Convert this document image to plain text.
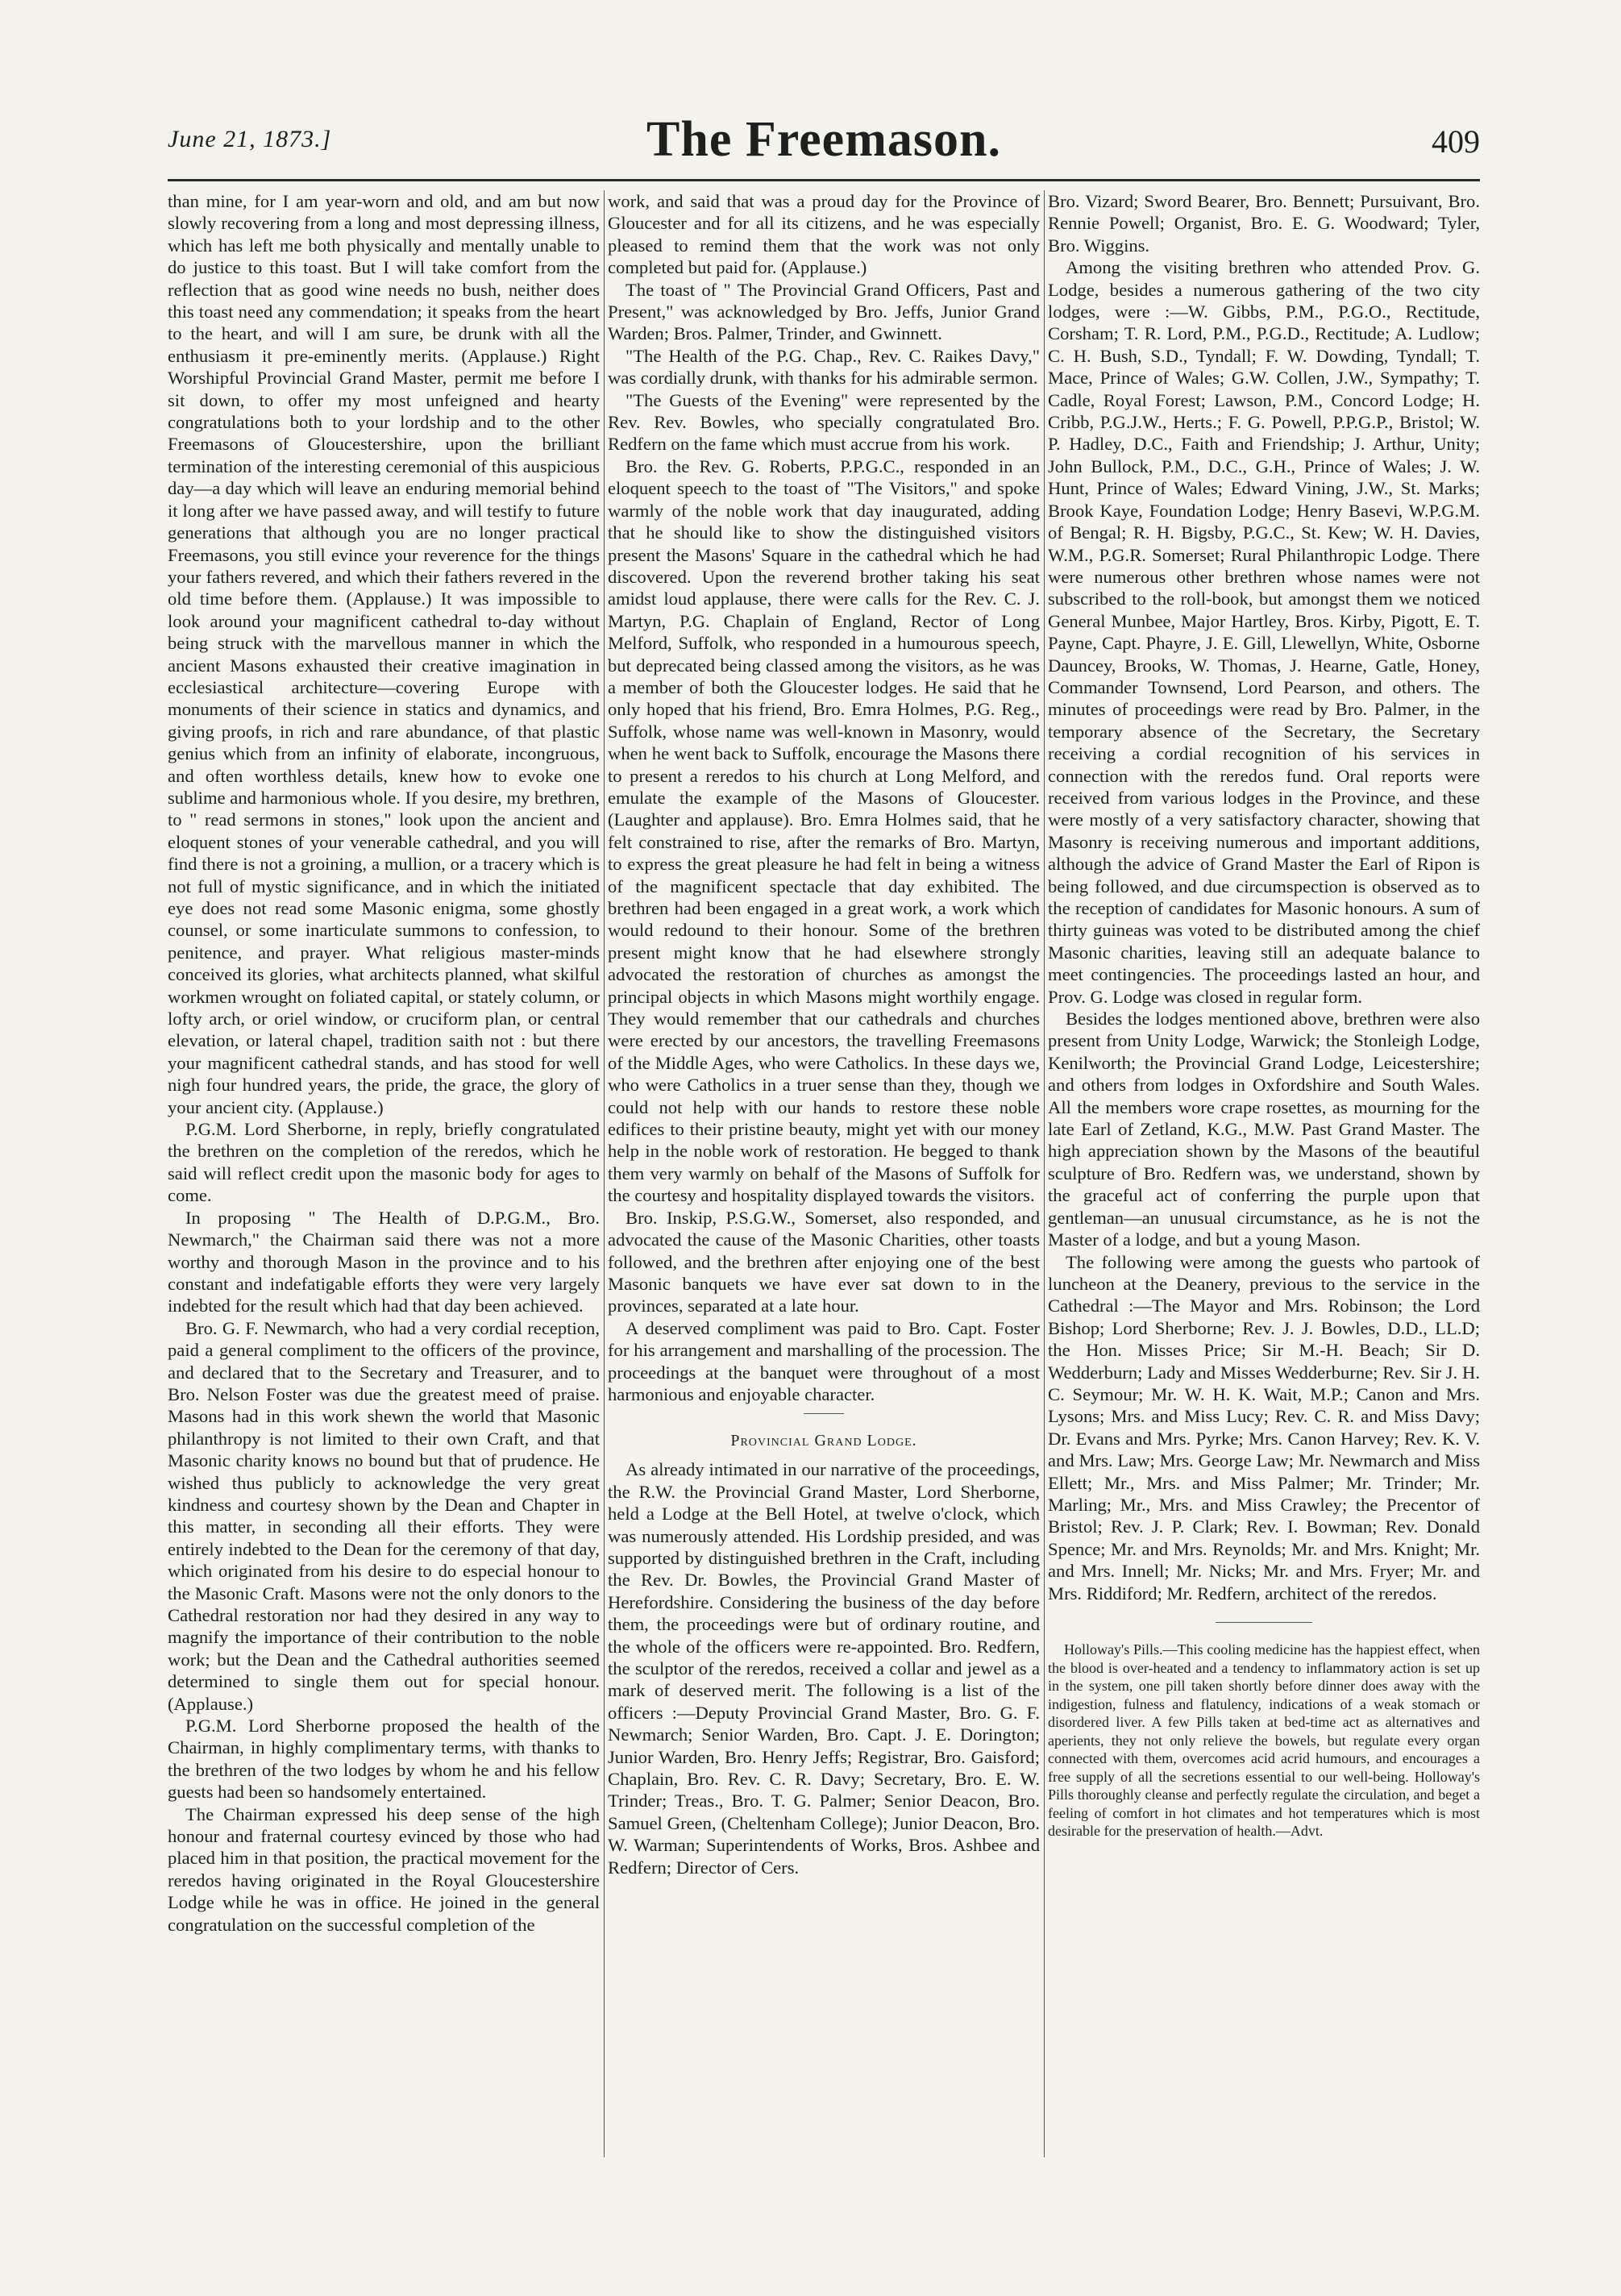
June 21, 1873.]	The Freemason.	409

than mine, for I am year-worn and old, and am but now slowly recovering from a long and most depressing illness, which has left me both physically and mentally unable to do justice to this toast. But I will take comfort from the reflection that as good wine needs no bush, neither does this toast need any commendation; it speaks from the heart to the heart, and will I am sure, be drunk with all the enthusiasm it pre-eminently merits. (Applause.) Right Worshipful Provincial Grand Master, permit me before I sit down, to offer my most unfeigned and hearty congratulations both to your lordship and to the other Freemasons of Gloucestershire, upon the brilliant termination of the interesting ceremonial of this auspicious day—a day which will leave an enduring memorial behind it long after we have passed away, and will testify to future generations that although you are no longer practical Freemasons, you still evince your reverence for the things your fathers revered, and which their fathers revered in the old time before them. (Applause.) It was impossible to look around your magnificent cathedral to-day without being struck with the marvellous manner in which the ancient Masons exhausted their creative imagination in ecclesiastical architecture—covering Europe with monuments of their science in statics and dynamics, and giving proofs, in rich and rare abundance, of that plastic genius which from an infinity of elaborate, incongruous, and often worthless details, knew how to evoke one sublime and harmonious whole. If you desire, my brethren, to " read sermons in stones," look upon the ancient and eloquent stones of your venerable cathedral, and you will find there is not a groining, a mullion, or a tracery which is not full of mystic significance, and in which the initiated eye does not read some Masonic enigma, some ghostly counsel, or some inarticulate summons to confession, to penitence, and prayer. What religious master-minds conceived its glories, what architects planned, what skilful workmen wrought on foliated capital, or stately column, or lofty arch, or oriel window, or cruciform plan, or central elevation, or lateral chapel, tradition saith not : but there your magnificent cathedral stands, and has stood for well nigh four hundred years, the pride, the grace, the glory of your ancient city. (Applause.)

P.G.M. Lord Sherborne, in reply, briefly congratulated the brethren on the completion of the reredos, which he said will reflect credit upon the masonic body for ages to come.

In proposing " The Health of D.P.G.M., Bro. Newmarch," the Chairman said there was not a more worthy and thorough Mason in the province and to his constant and indefatigable efforts they were very largely indebted for the result which had that day been achieved.

Bro. G. F. Newmarch, who had a very cordial reception, paid a general compliment to the officers of the province, and declared that to the Secretary and Treasurer, and to Bro. Nelson Foster was due the greatest meed of praise. Masons had in this work shewn the world that Masonic philanthropy is not limited to their own Craft, and that Masonic charity knows no bound but that of prudence. He wished thus publicly to acknowledge the very great kindness and courtesy shown by the Dean and Chapter in this matter, in seconding all their efforts. They were entirely indebted to the Dean for the ceremony of that day, which originated from his desire to do especial honour to the Masonic Craft. Masons were not the only donors to the Cathedral restoration nor had they desired in any way to magnify the importance of their contribution to the noble work; but the Dean and the Cathedral authorities seemed determined to single them out for special honour. (Applause.)

P.G.M. Lord Sherborne proposed the health of the Chairman, in highly complimentary terms, with thanks to the brethren of the two lodges by whom he and his fellow guests had been so handsomely entertained.

The Chairman expressed his deep sense of the high honour and fraternal courtesy evinced by those who had placed him in that position, the practical movement for the reredos having originated in the Royal Gloucestershire Lodge while he was in office. He joined in the general congratulation on the successful completion of the

work, and said that was a proud day for the Province of Gloucester and for all its citizens, and he was especially pleased to remind them that the work was not only completed but paid for. (Applause.)

The toast of " The Provincial Grand Officers, Past and Present," was acknowledged by Bro. Jeffs, Junior Grand Warden; Bros. Palmer, Trinder, and Gwinnett.

"The Health of the P.G. Chap., Rev. C. Raikes Davy," was cordially drunk, with thanks for his admirable sermon.

"The Guests of the Evening" were represented by the Rev. Rev. Bowles, who specially congratulated Bro. Redfern on the fame which must accrue from his work.

Bro. the Rev. G. Roberts, P.P.G.C., responded in an eloquent speech to the toast of "The Visitors," and spoke warmly of the noble work that day inaugurated, adding that he should like to show the distinguished visitors present the Masons' Square in the cathedral which he had discovered. Upon the reverend brother taking his seat amidst loud applause, there were calls for the Rev. C. J. Martyn, P.G. Chaplain of England, Rector of Long Melford, Suffolk, who responded in a humourous speech, but deprecated being classed among the visitors, as he was a member of both the Gloucester lodges. He said that he only hoped that his friend, Bro. Emra Holmes, P.G. Reg., Suffolk, whose name was well-known in Masonry, would when he went back to Suffolk, encourage the Masons there to present a reredos to his church at Long Melford, and emulate the example of the Masons of Gloucester. (Laughter and applause). Bro. Emra Holmes said, that he felt constrained to rise, after the remarks of Bro. Martyn, to express the great pleasure he had felt in being a witness of the magnificent spectacle that day exhibited. The brethren had been engaged in a great work, a work which would redound to their honour. Some of the brethren present might know that he had elsewhere strongly advocated the restoration of churches as amongst the principal objects in which Masons might worthily engage. They would remember that our cathedrals and churches were erected by our ancestors, the travelling Freemasons of the Middle Ages, who were Catholics. In these days we, who were Catholics in a truer sense than they, though we could not help with our hands to restore these noble edifices to their pristine beauty, might yet with our money help in the noble work of restoration. He begged to thank them very warmly on behalf of the Masons of Suffolk for the courtesy and hospitality displayed towards the visitors.

Bro. Inskip, P.S.G.W., Somerset, also responded, and advocated the cause of the Masonic Charities, other toasts followed, and the brethren after enjoying one of the best Masonic banquets we have ever sat down to in the provinces, separated at a late hour.

A deserved compliment was paid to Bro. Capt. Foster for his arrangement and marshalling of the procession. The proceedings at the banquet were throughout of a most harmonious and enjoyable character.

Provincial Grand Lodge.

As already intimated in our narrative of the proceedings, the R.W. the Provincial Grand Master, Lord Sherborne, held a Lodge at the Bell Hotel, at twelve o'clock, which was numerously attended. His Lordship presided, and was supported by distinguished brethren in the Craft, including the Rev. Dr. Bowles, the Provincial Grand Master of Herefordshire. Considering the business of the day before them, the proceedings were but of ordinary routine, and the whole of the officers were re-appointed. Bro. Redfern, the sculptor of the reredos, received a collar and jewel as a mark of deserved merit. The following is a list of the officers :—Deputy Provincial Grand Master, Bro. G. F. Newmarch; Senior Warden, Bro. Capt. J. E. Dorington; Junior Warden, Bro. Henry Jeffs; Registrar, Bro. Gaisford; Chaplain, Bro. Rev. C. R. Davy; Secretary, Bro. E. W. Trinder; Treas., Bro. T. G. Palmer; Senior Deacon, Bro. Samuel Green, (Cheltenham College); Junior Deacon, Bro. W. Warman; Superintendents of Works, Bros. Ashbee and Redfern; Director of Cers.

Bro. Vizard; Sword Bearer, Bro. Bennett; Pursuivant, Bro. Rennie Powell; Organist, Bro. E. G. Woodward; Tyler, Bro. Wiggins.

Among the visiting brethren who attended Prov. G. Lodge, besides a numerous gathering of the two city lodges, were :—W. Gibbs, P.M., P.G.O., Rectitude, Corsham; T. R. Lord, P.M., P.G.D., Rectitude; A. Ludlow; C. H. Bush, S.D., Tyndall; F. W. Dowding, Tyndall; T. Mace, Prince of Wales; G.W. Collen, J.W., Sympathy; T. Cadle, Royal Forest; Lawson, P.M., Concord Lodge; H. Cribb, P.G.J.W., Herts.; F. G. Powell, P.P.G.P., Bristol; W. P. Hadley, D.C., Faith and Friendship; J. Arthur, Unity; John Bullock, P.M., D.C., G.H., Prince of Wales; J. W. Hunt, Prince of Wales; Edward Vining, J.W., St. Marks; Brook Kaye, Foundation Lodge; Henry Basevi, W.P.G.M. of Bengal; R. H. Bigsby, P.G.C., St. Kew; W. H. Davies, W.M., P.G.R. Somerset; Rural Philanthropic Lodge. There were numerous other brethren whose names were not subscribed to the roll-book, but amongst them we noticed General Munbee, Major Hartley, Bros. Kirby, Pigott, E. T. Payne, Capt. Phayre, J. E. Gill, Llewellyn, White, Osborne Dauncey, Brooks, W. Thomas, J. Hearne, Gatle, Honey, Commander Townsend, Lord Pearson, and others. The minutes of proceedings were read by Bro. Palmer, in the temporary absence of the Secretary, the Secretary receiving a cordial recognition of his services in connection with the reredos fund. Oral reports were received from various lodges in the Province, and these were mostly of a very satisfactory character, showing that Masonry is receiving numerous and important additions, although the advice of Grand Master the Earl of Ripon is being followed, and due circumspection is observed as to the reception of candidates for Masonic honours. A sum of thirty guineas was voted to be distributed among the chief Masonic charities, leaving still an adequate balance to meet contingencies. The proceedings lasted an hour, and Prov. G. Lodge was closed in regular form.

Besides the lodges mentioned above, brethren were also present from Unity Lodge, Warwick; the Stonleigh Lodge, Kenilworth; the Provincial Grand Lodge, Leicestershire; and others from lodges in Oxfordshire and South Wales. All the members wore crape rosettes, as mourning for the late Earl of Zetland, K.G., M.W. Past Grand Master. The high appreciation shown by the Masons of the beautiful sculpture of Bro. Redfern was, we understand, shown by the graceful act of conferring the purple upon that gentleman—an unusual circumstance, as he is not the Master of a lodge, and but a young Mason.

The following were among the guests who partook of luncheon at the Deanery, previous to the service in the Cathedral :—The Mayor and Mrs. Robinson; the Lord Bishop; Lord Sherborne; Rev. J. J. Bowles, D.D., LL.D; the Hon. Misses Price; Sir M.-H. Beach; Sir D. Wedderburn; Lady and Misses Wedderburne; Rev. Sir J. H. C. Seymour; Mr. W. H. K. Wait, M.P.; Canon and Mrs. Lysons; Mrs. and Miss Lucy; Rev. C. R. and Miss Davy; Dr. Evans and Mrs. Pyrke; Mrs. Canon Harvey; Rev. K. V. and Mrs. Law; Mrs. George Law; Mr. Newmarch and Miss Ellett; Mr., Mrs. and Miss Palmer; Mr. Trinder; Mr. Marling; Mr., Mrs. and Miss Crawley; the Precentor of Bristol; Rev. J. P. Clark; Rev. I. Bowman; Rev. Donald Spence; Mr. and Mrs. Reynolds; Mr. and Mrs. Knight; Mr. and Mrs. Innell; Mr. Nicks; Mr. and Mrs. Fryer; Mr. and Mrs. Riddiford; Mr. Redfern, architect of the reredos.

Holloway's Pills.—This cooling medicine has the happiest effect, when the blood is over-heated and a tendency to inflammatory action is set up in the system, one pill taken shortly before dinner does away with the indigestion, fulness and flatulency, indications of a weak stomach or disordered liver. A few Pills taken at bed-time act as alternatives and aperients, they not only relieve the bowels, but regulate every organ connected with them, overcomes acid acrid humours, and encourages a free supply of all the secretions essential to our well-being. Holloway's Pills thoroughly cleanse and perfectly regulate the circulation, and beget a feeling of comfort in hot climates and hot temperatures which is most desirable for the preservation of health.—Advt.
